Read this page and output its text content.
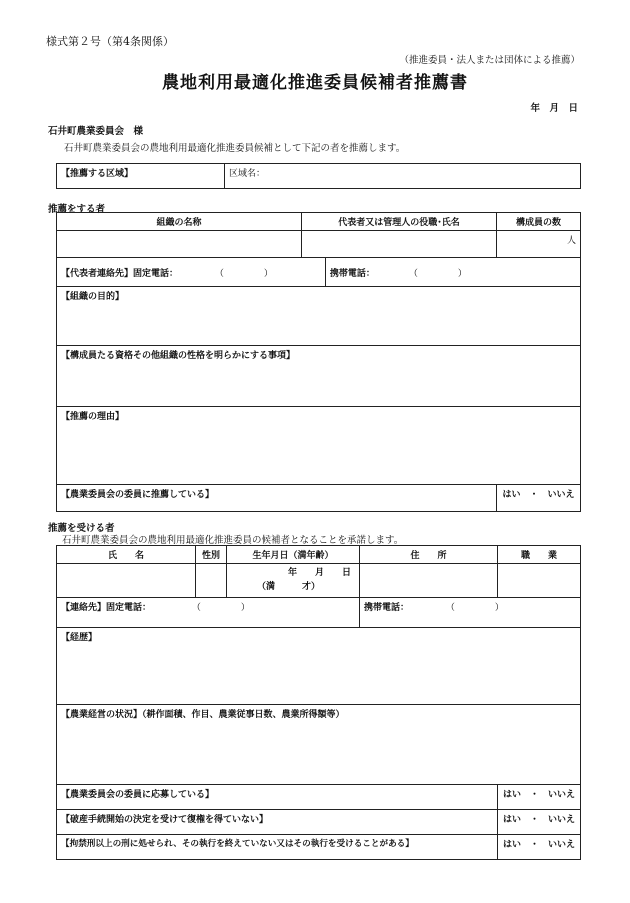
様式第２号（第4条関係）
（推進委員・法人または団体による推薦）
農地利用最適化推進委員候補者推薦書
年　月　日
石井町農業委員会　様
石井町農業委員会の農地利用最適化推進委員候補として下記の者を推薦します。
【推薦する区域】	区域名：
推薦をする者
組織の名称	代表者又は管理人の役職･氏名	構成員の数
		人

【代表者連絡先】固定電話： （ ） 携帯電話： （ ）		

【組織の目的】		
【構成員たる資格その他組織の性格を明らかにする事項】		
【推薦の理由】		
【農業委員会の委員に推薦している】		はい　・　いいえ
推薦を受ける者
石井町農業委員会の農地利用最適化推進委員の候補者となることを承諾します。
氏　　名	性別	生年月日（満年齢）	住　　所	職　　業

		年　　月　　日
（満　　　才）		

【連絡先】固定電話： （ ）			携帯電話： （ ）	
【経歴】				
【農業経営の状況】（耕作面積、作目、農業従事日数、農業所得額等）				
【農業委員会の委員に応募している】				はい　・　いいえ
【破産手続開始の決定を受けて復権を得ていない】				はい　・　いいえ
【拘禁刑以上の刑に処せられ、その執行を終えていない又はその執行を受けることがある】				はい　・　いいえ
